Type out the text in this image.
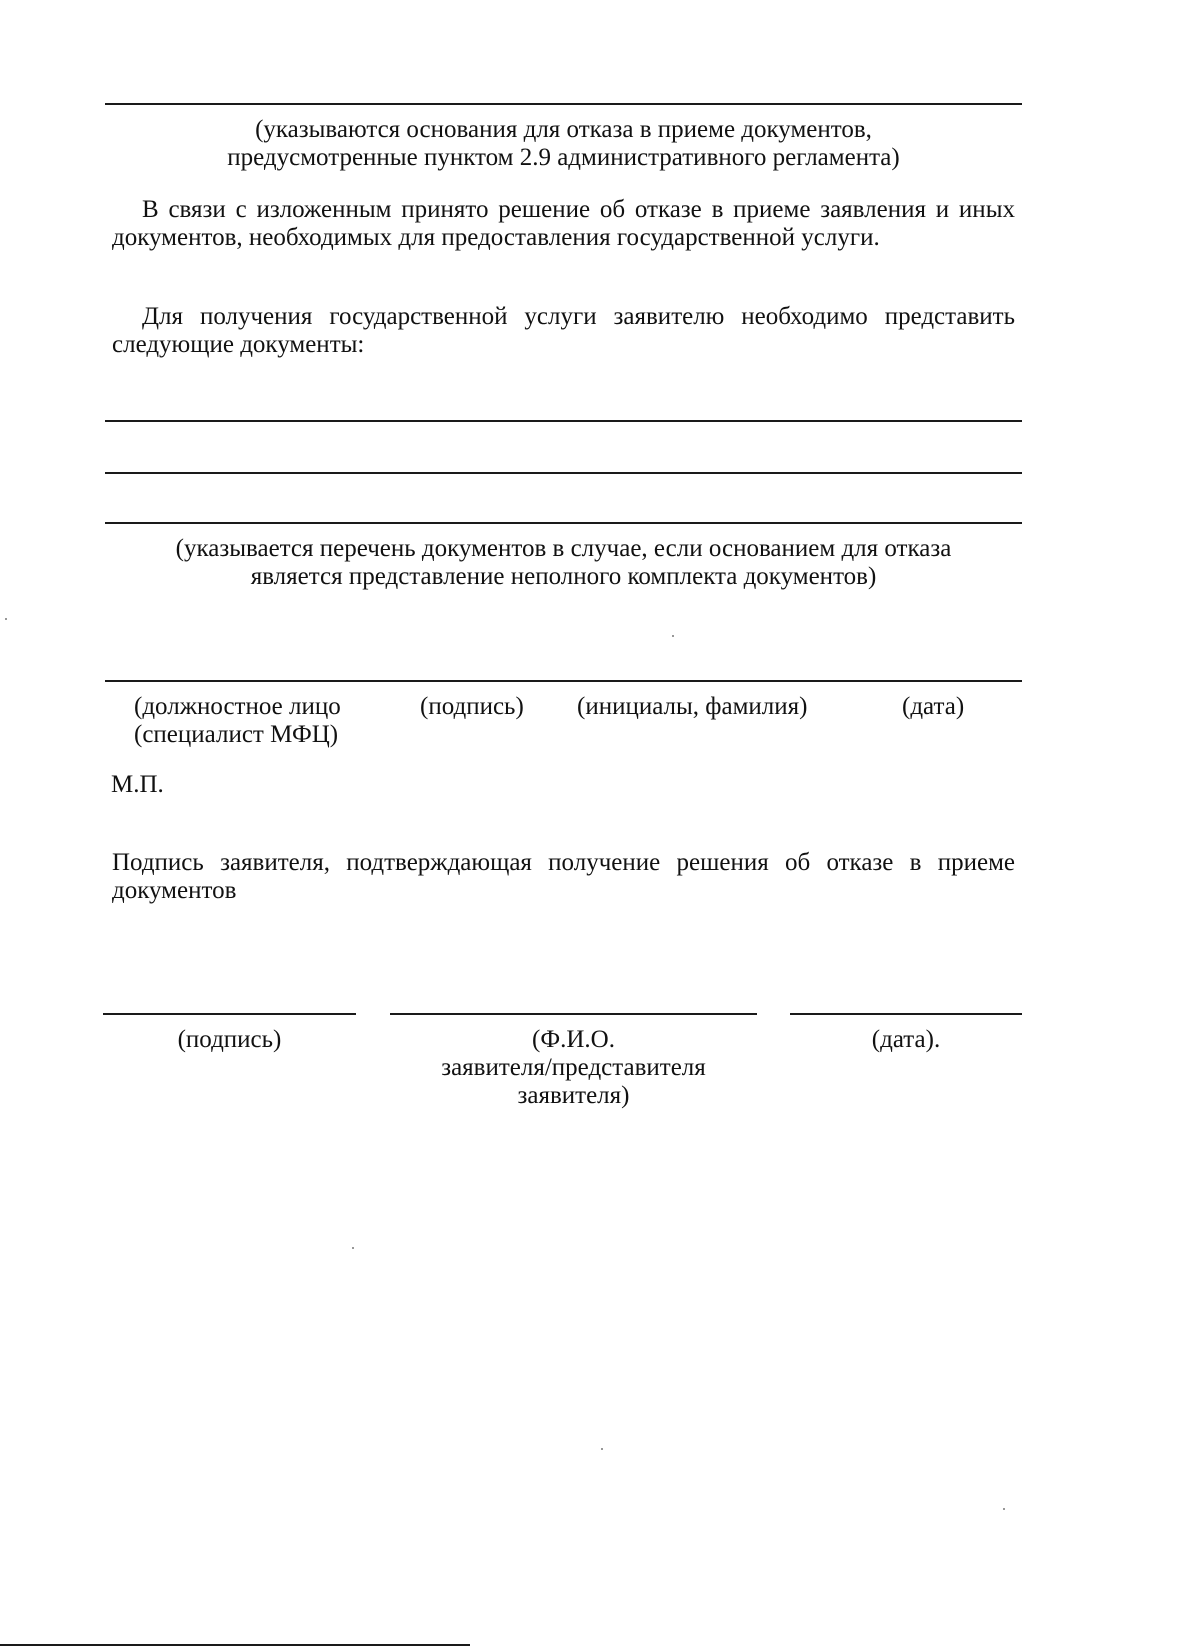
(указываются основания для отказа в приеме документов,
предусмотренные пунктом 2.9 административного регламента)
В связи с изложенным принято решение об отказе в приеме заявления и иных документов, необходимых для предоставления государственной услуги.
Для получения государственной услуги заявителю необходимо представить следующие документы:
(указывается перечень документов в случае, если основанием для отказа
является представление неполного комплекта документов)
(должностное лицо
(специалист МФЦ)
(подпись) (инициалы, фамилия)	(дата)
М.П.
Подпись заявителя, подтверждающая получение решения об отказе в приеме документов
(подпись)	(Ф.И.О.
заявителя/представителя
заявителя)
(дата).
